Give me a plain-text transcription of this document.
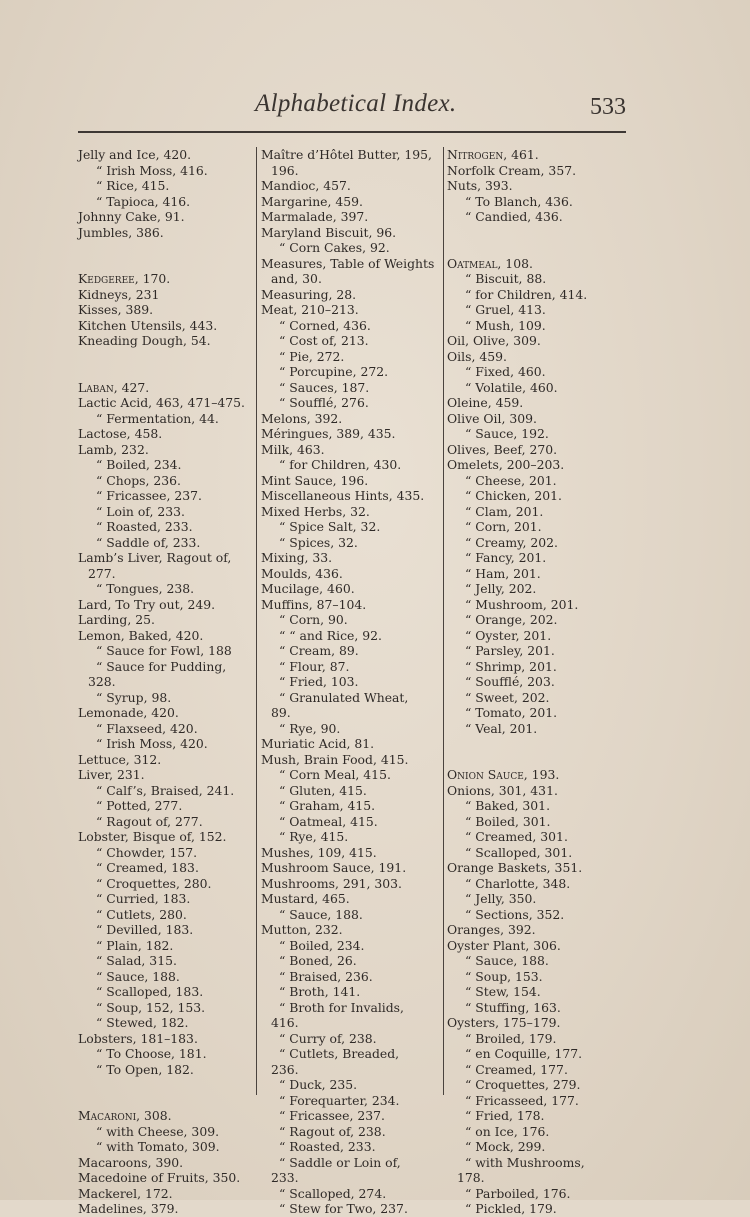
Alphabetical Index.	533
Jelly and Ice, 420.
“ Irish Moss, 416.
“ Rice, 415.
“ Tapioca, 416.
Johnny Cake, 91.
Jumbles, 386.
Kedgeree, 170.
Kidneys, 231
Kisses, 389.
Kitchen Utensils, 443.
Kneading Dough, 54.
Laban, 427.
Lactic Acid, 463, 471–475.
“ Fermentation, 44.
Lactose, 458.
Lamb, 232.
“ Boiled, 234.
“ Chops, 236.
“ Fricassee, 237.
“ Loin of, 233.
“ Roasted, 233.
“ Saddle of, 233.
Lamb’s Liver, Ragout of,
277.
“ Tongues, 238.
Lard, To Try out, 249.
Larding, 25.
Lemon, Baked, 420.
“ Sauce for Fowl, 188
“ Sauce for Pudding,
328.
“ Syrup, 98.
Lemonade, 420.
“ Flaxseed, 420.
“ Irish Moss, 420.
Lettuce, 312.
Liver, 231.
“ Calf’s, Braised, 241.
“ Potted, 277.
“ Ragout of, 277.
Lobster, Bisque of, 152.
“ Chowder, 157.
“ Creamed, 183.
“ Croquettes, 280.
“ Curried, 183.
“ Cutlets, 280.
“ Devilled, 183.
“ Plain, 182.
“ Salad, 315.
“ Sauce, 188.
“ Scalloped, 183.
“ Soup, 152, 153.
“ Stewed, 182.
Lobsters, 181–183.
“ To Choose, 181.
“ To Open, 182.
Macaroni, 308.
“ with Cheese, 309.
“ with Tomato, 309.
Macaroons, 390.
Macedoine of Fruits, 350.
Mackerel, 172.
Madelines, 379.
Maître d’Hôtel Butter, 195,
196.
Mandioc, 457.
Margarine, 459.
Marmalade, 397.
Maryland Biscuit, 96.
“ Corn Cakes, 92.
Measures, Table of Weights
and, 30.
Measuring, 28.
Meat, 210–213.
“ Corned, 436.
“ Cost of, 213.
“ Pie, 272.
“ Porcupine, 272.
“ Sauces, 187.
“ Soufflé, 276.
Melons, 392.
Méringues, 389, 435.
Milk, 463.
“ for Children, 430.
Mint Sauce, 196.
Miscellaneous Hints, 435.
Mixed Herbs, 32.
“ Spice Salt, 32.
“ Spices, 32.
Mixing, 33.
Moulds, 436.
Mucilage, 460.
Muffins, 87–104.
“ Corn, 90.
“ “ and Rice, 92.
“ Cream, 89.
“ Flour, 87.
“ Fried, 103.
“ Granulated Wheat,
89.
“ Rye, 90.
Muriatic Acid, 81.
Mush, Brain Food, 415.
“ Corn Meal, 415.
“ Gluten, 415.
“ Graham, 415.
“ Oatmeal, 415.
“ Rye, 415.
Mushes, 109, 415.
Mushroom Sauce, 191.
Mushrooms, 291, 303.
Mustard, 465.
“ Sauce, 188.
Mutton, 232.
“ Boiled, 234.
“ Boned, 26.
“ Braised, 236.
“ Broth, 141.
“ Broth for Invalids,
416.
“ Curry of, 238.
“ Cutlets, Breaded,
236.
“ Duck, 235.
“ Forequarter, 234.
“ Fricassee, 237.
“ Ragout of, 238.
“ Roasted, 233.
“ Saddle or Loin of,
233.
“ Scalloped, 274.
“ Stew for Two, 237.
Nitrogen, 461.
Norfolk Cream, 357.
Nuts, 393.
“ To Blanch, 436.
“ Candied, 436.
Oatmeal, 108.
“ Biscuit, 88.
“ for Children, 414.
“ Gruel, 413.
“ Mush, 109.
Oil, Olive, 309.
Oils, 459.
“ Fixed, 460.
“ Volatile, 460.
Oleine, 459.
Olive Oil, 309.
“ Sauce, 192.
Olives, Beef, 270.
Omelets, 200–203.
“ Cheese, 201.
“ Chicken, 201.
“ Clam, 201.
“ Corn, 201.
“ Creamy, 202.
“ Fancy, 201.
“ Ham, 201.
“ Jelly, 202.
“ Mushroom, 201.
“ Orange, 202.
“ Oyster, 201.
“ Parsley, 201.
“ Shrimp, 201.
“ Soufflé, 203.
“ Sweet, 202.
“ Tomato, 201.
“ Veal, 201.
Onion Sauce, 193.
Onions, 301, 431.
“ Baked, 301.
“ Boiled, 301.
“ Creamed, 301.
“ Scalloped, 301.
Orange Baskets, 351.
“ Charlotte, 348.
“ Jelly, 350.
“ Sections, 352.
Oranges, 392.
Oyster Plant, 306.
“ Sauce, 188.
“ Soup, 153.
“ Stew, 154.
“ Stuffing, 163.
Oysters, 175–179.
“ Broiled, 179.
“ en Coquille, 177.
“ Creamed, 177.
“ Croquettes, 279.
“ Fricasseed, 177.
“ Fried, 178.
“ on Ice, 176.
“ Mock, 299.
“ with Mushrooms,
178.
“ Parboiled, 176.
“ Pickled, 179.
